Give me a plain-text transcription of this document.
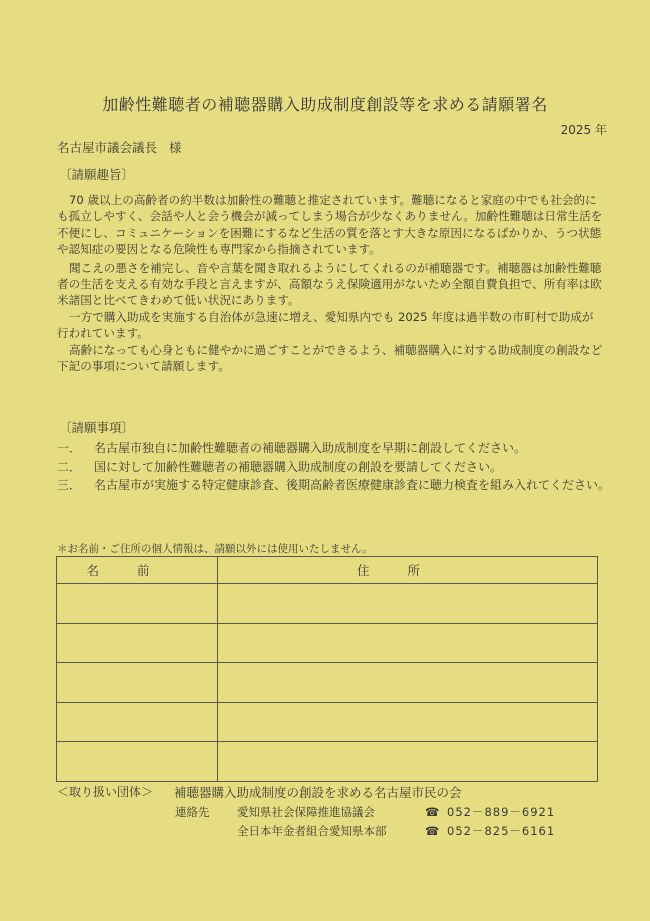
加齢性難聴者の補聴器購入助成制度創設等を求める請願署名
2025 年
名古屋市議会議長 様
〔請願趣旨〕

70 歳以上の高齢者の約半数は加齢性の難聴と推定されています。難聴になると家庭の中でも社会的にも孤立しやすく、会話や人と会う機会が減ってしまう場合が少なくありません。加齢性難聴は日常生活を不便にし、コミュニケーションを困難にするなど生活の質を落とす大きな原因になるばかりか、うつ状態や認知症の要因となる危険性も専門家から指摘されています。

聞こえの悪さを補完し、音や言葉を聞き取れるようにしてくれるのが補聴器です。補聴器は加齢性難聴者の生活を支える有効な手段と言えますが、高額なうえ保険適用がないため全額自費負担で、所有率は欧米諸国と比べてきわめて低い状況にあります。

一方で購入助成を実施する自治体が急速に増え、愛知県内でも 2025 年度は過半数の市町村で助成が行われています。

高齢になっても心身ともに健やかに過ごすことができるよう、補聴器購入に対する助成制度の創設など下記の事項について請願します。

〔請願事項〕
一．	名古屋市独自に加齢性難聴者の補聴器購入助成制度を早期に創設してください。
二．	国に対して加齢性難聴者の補聴器購入助成制度の創設を要請してください。
三．	名古屋市が実施する特定健康診査、後期高齢者医療健康診査に聴力検査を組み入れてください。
＊お名前・ご住所の個人情報は、請願以外には使用いたしません。
名前	住所

＜取り扱い団体＞	補聴器購入助成制度の創設を求める名古屋市民の会
連絡先	愛知県社会保障推進協議会	☎ 052－889－6921
全日本年金者組合愛知県本部	☎ 052－825－6161
